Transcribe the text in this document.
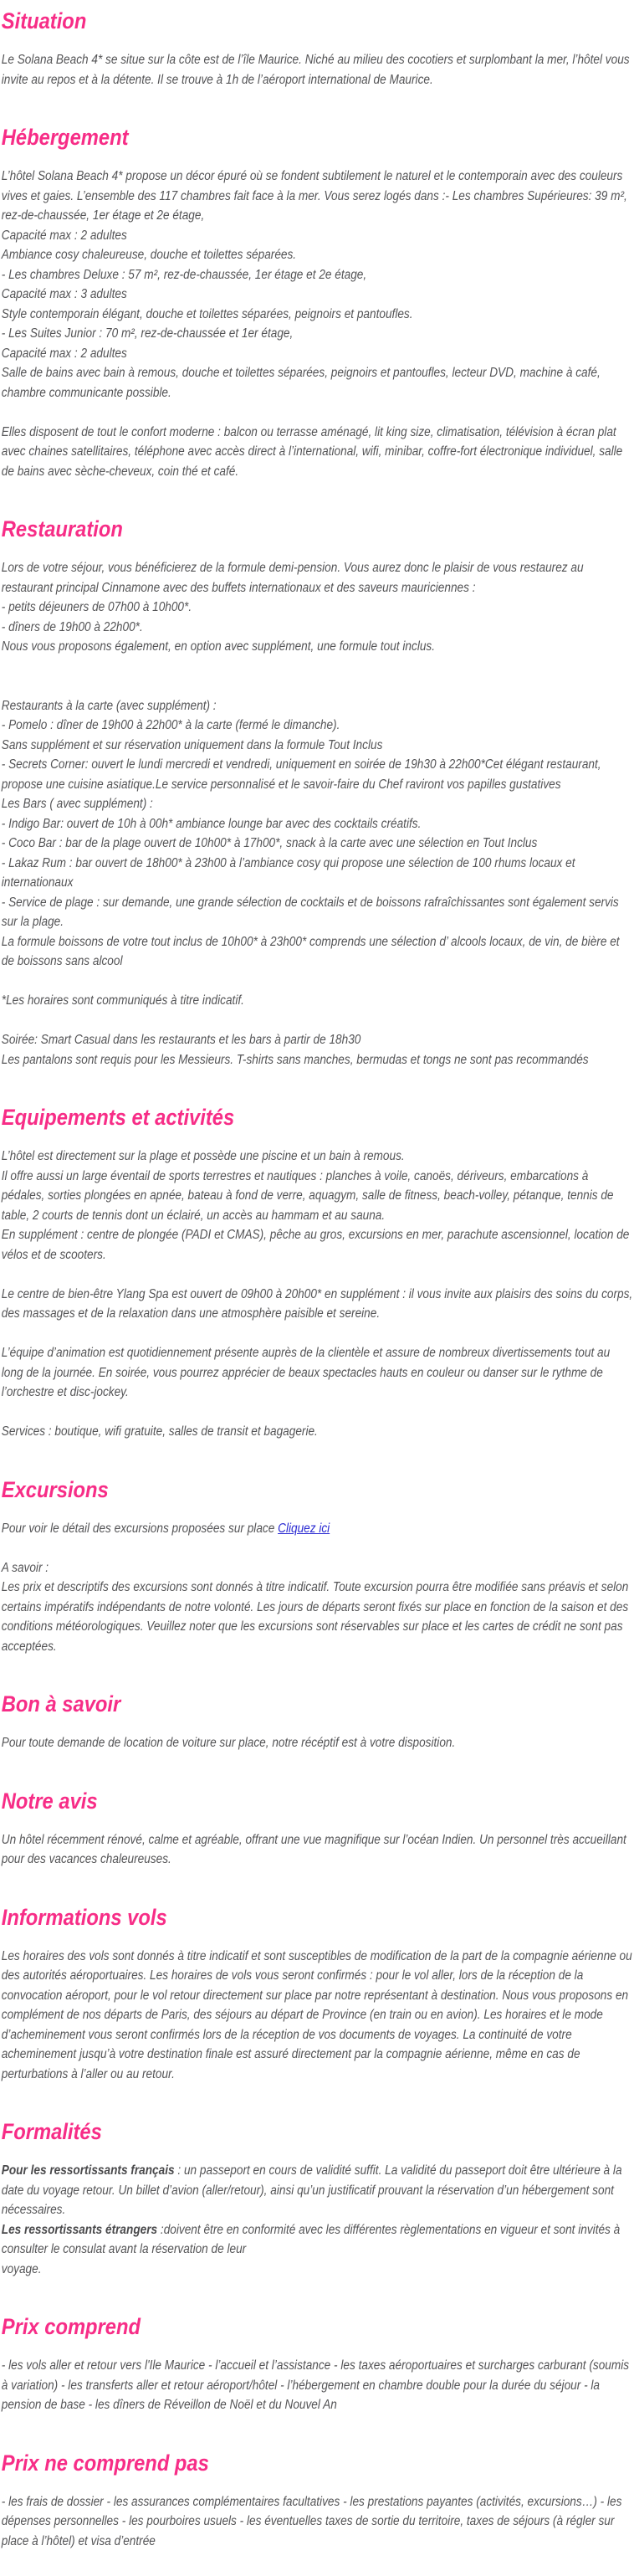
Situation

Le Solana Beach 4* se situe sur la côte est de l’île Maurice. Niché au milieu des cocotiers et surplombant la mer, l’hôtel vous invite au repos et à la détente. Il se trouve à 1h de l’aéroport international de Maurice.

Hébergement

L’hôtel Solana Beach 4* propose un décor épuré où se fondent subtilement le naturel et le contemporain avec des couleurs vives et gaies. L’ensemble des 117 chambres fait face à la mer. Vous serez logés dans :- Les chambres Supérieures: 39 m², rez-de-chaussée, 1er étage et 2e étage,

Capacité max : 2 adultes

Ambiance cosy chaleureuse, douche et toilettes séparées.

- Les chambres Deluxe : 57 m², rez-de-chaussée, 1er étage et 2e étage,

Capacité max : 3 adultes

Style contemporain élégant, douche et toilettes séparées, peignoirs et pantoufles.

- Les Suites Junior : 70 m², rez-de-chaussée et 1er étage,

Capacité max : 2 adultes

Salle de bains avec bain à remous, douche et toilettes séparées, peignoirs et pantoufles, lecteur DVD, machine à café, chambre communicante possible.

Elles disposent de tout le confort moderne : balcon ou terrasse aménagé, lit king size, climatisation, télévision à écran plat avec chaines satellitaires, téléphone avec accès direct à l’international, wifi, minibar, coffre-fort électronique individuel, salle de bains avec sèche-cheveux, coin thé et café.

Restauration

Lors de votre séjour, vous bénéficierez de la formule demi-pension. Vous aurez donc le plaisir de vous restaurez au restaurant principal Cinnamone avec des buffets internationaux et des saveurs mauriciennes :

- petits déjeuners de 07h00 à 10h00*.

- dîners de 19h00 à 22h00*.

Nous vous proposons également, en option avec supplément, une formule tout inclus.

Restaurants à la carte (avec supplément) :

- Pomelo : dîner de 19h00 à 22h00* à la carte (fermé le dimanche).

Sans supplément et sur réservation uniquement dans la formule Tout Inclus

- Secrets Corner: ouvert le lundi mercredi et vendredi, uniquement en soirée de 19h30 à 22h00*Cet élégant restaurant, propose une cuisine asiatique.Le service personnalisé et le savoir-faire du Chef raviront vos papilles gustatives

Les Bars ( avec supplément) :

- Indigo Bar: ouvert de 10h à 00h* ambiance lounge bar avec des cocktails créatifs.

- Coco Bar : bar de la plage ouvert de 10h00* à 17h00*, snack à la carte avec une sélection en Tout Inclus

- Lakaz Rum : bar ouvert de 18h00* à 23h00 à l’ambiance cosy qui propose une sélection de 100 rhums locaux et internationaux

- Service de plage : sur demande, une grande sélection de cocktails et de boissons rafraîchissantes sont également servis sur la plage.

La formule boissons de votre tout inclus de 10h00* à 23h00* comprends une sélection d’ alcools locaux, de vin, de bière et de boissons sans alcool

*Les horaires sont communiqués à titre indicatif.

Soirée: Smart Casual dans les restaurants et les bars à partir de 18h30

Les pantalons sont requis pour les Messieurs. T-shirts sans manches, bermudas et tongs ne sont pas recommandés

Equipements et activités

L’hôtel est directement sur la plage et possède une piscine et un bain à remous.

Il offre aussi un large éventail de sports terrestres et nautiques : planches à voile, canoës, dériveurs, embarcations à pédales, sorties plongées en apnée, bateau à fond de verre, aquagym, salle de fitness, beach-volley, pétanque, tennis de table, 2 courts de tennis dont un éclairé, un accès au hammam et au sauna.

En supplément : centre de plongée (PADI et CMAS), pêche au gros, excursions en mer, parachute ascensionnel, location de vélos et de scooters.

Le centre de bien-être Ylang Spa est ouvert de 09h00 à 20h00* en supplément : il vous invite aux plaisirs des soins du corps, des massages et de la relaxation dans une atmosphère paisible et sereine.

L’équipe d’animation est quotidiennement présente auprès de la clientèle et assure de nombreux divertissements tout au long de la journée. En soirée, vous pourrez apprécier de beaux spectacles hauts en couleur ou danser sur le rythme de l’orchestre et disc-jockey.

Services : boutique, wifi gratuite, salles de transit et bagagerie.

Excursions

Pour voir le détail des excursions proposées sur place Cliquez ici

A savoir :

Les prix et descriptifs des excursions sont donnés à titre indicatif. Toute excursion pourra être modifiée sans préavis et selon certains impératifs indépendants de notre volonté. Les jours de départs seront fixés sur place en fonction de la saison et des conditions météorologiques. Veuillez noter que les excursions sont réservables sur place et les cartes de crédit ne sont pas acceptées.

Bon à savoir

Pour toute demande de location de voiture sur place, notre récéptif est à votre disposition.

Notre avis

Un hôtel récemment rénové, calme et agréable, offrant une vue magnifique sur l’océan Indien. Un personnel très accueillant pour des vacances chaleureuses.

Informations vols

Les horaires des vols sont donnés à titre indicatif et sont susceptibles de modification de la part de la compagnie aérienne ou des autorités aéroportuaires. Les horaires de vols vous seront confirmés : pour le vol aller, lors de la réception de la convocation aéroport, pour le vol retour directement sur place par notre représentant à destination. Nous vous proposons en complément de nos départs de Paris, des séjours au départ de Province (en train ou en avion). Les horaires et le mode d’acheminement vous seront confirmés lors de la réception de vos documents de voyages. La continuité de votre acheminement jusqu’à votre destination finale est assuré directement par la compagnie aérienne, même en cas de perturbations à l’aller ou au retour.

Formalités

Pour les ressortissants français : un passeport en cours de validité suffit. La validité du passeport doit être ultérieure à la date du voyage retour. Un billet d’avion (aller/retour), ainsi qu’un justificatif prouvant la réservation d’un hébergement sont nécessaires.

Les ressortissants étrangers :doivent être en conformité avec les différentes règlementations en vigueur et sont invités à consulter le consulat avant la réservation de leur

voyage.

Prix comprend

- les vols aller et retour vers l'Ile Maurice - l’accueil et l’assistance - les taxes aéroportuaires et surcharges carburant (soumis à variation) - les transferts aller et retour aéroport/hôtel - l’hébergement en chambre double pour la durée du séjour - la pension de base - les dîners de Réveillon de Noël et du Nouvel An

Prix ne comprend pas

- les frais de dossier - les assurances complémentaires facultatives - les prestations payantes (activités, excursions…) - les dépenses personnelles - les pourboires usuels - les éventuelles taxes de sortie du territoire, taxes de séjours (à régler sur place à l’hôtel) et visa d’entrée
